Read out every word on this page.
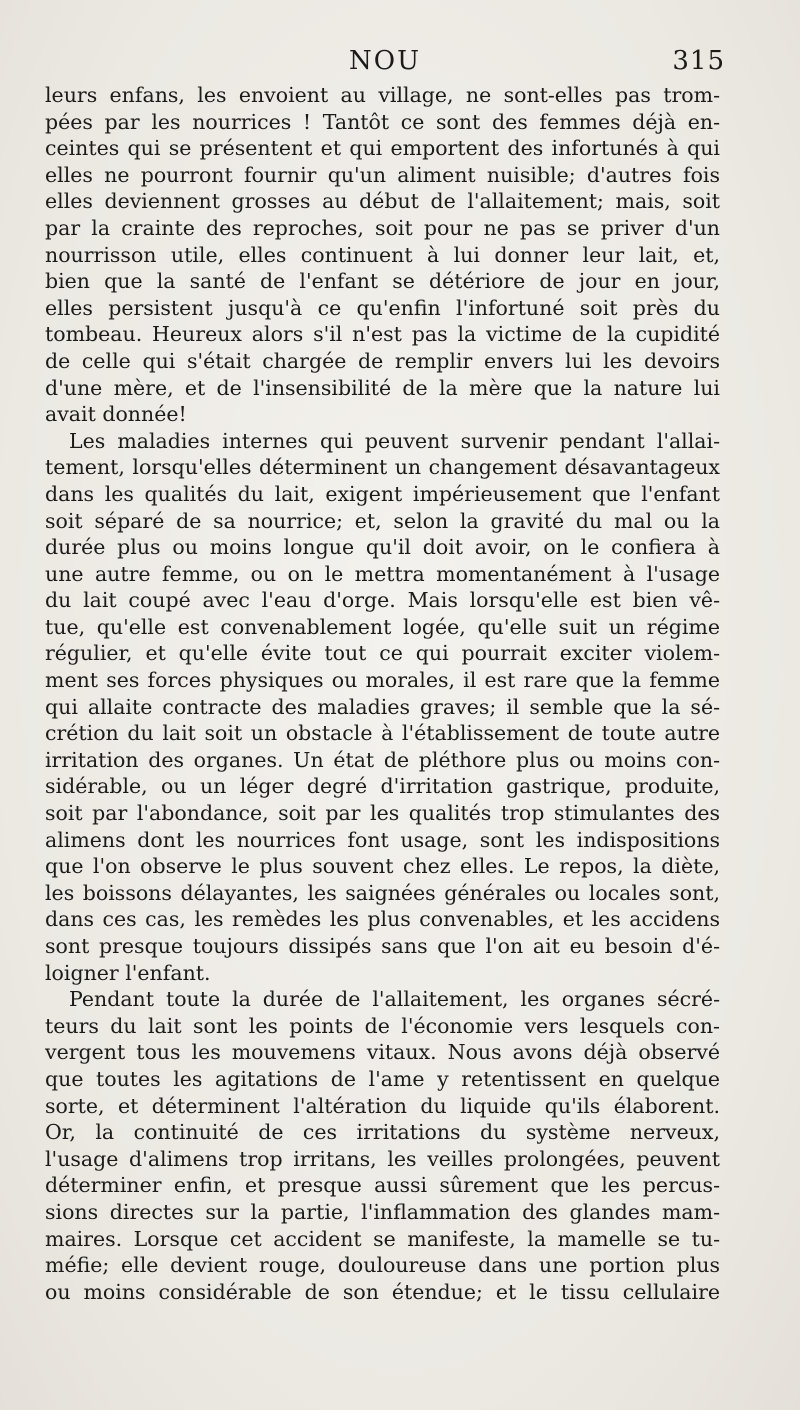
NOU	315
leurs enfans, les envoient au village, ne sont-elles pas trom-
pées par les nourrices ! Tantôt ce sont des femmes déjà en-
ceintes qui se présentent et qui emportent des infortunés à qui
elles ne pourront fournir qu'un aliment nuisible; d'autres fois
elles deviennent grosses au début de l'allaitement; mais, soit
par la crainte des reproches, soit pour ne pas se priver d'un
nourrisson utile, elles continuent à lui donner leur lait, et,
bien que la santé de l'enfant se détériore de jour en jour,
elles persistent jusqu'à ce qu'enfin l'infortuné soit près du
tombeau. Heureux alors s'il n'est pas la victime de la cupidité
de celle qui s'était chargée de remplir envers lui les devoirs
d'une mère, et de l'insensibilité de la mère que la nature lui
avait donnée!
Les maladies internes qui peuvent survenir pendant l'allai-
tement, lorsqu'elles déterminent un changement désavantageux
dans les qualités du lait, exigent impérieusement que l'enfant
soit séparé de sa nourrice; et, selon la gravité du mal ou la
durée plus ou moins longue qu'il doit avoir, on le confiera à
une autre femme, ou on le mettra momentanément à l'usage
du lait coupé avec l'eau d'orge. Mais lorsqu'elle est bien vê-
tue, qu'elle est convenablement logée, qu'elle suit un régime
régulier, et qu'elle évite tout ce qui pourrait exciter violem-
ment ses forces physiques ou morales, il est rare que la femme
qui allaite contracte des maladies graves; il semble que la sé-
crétion du lait soit un obstacle à l'établissement de toute autre
irritation des organes. Un état de pléthore plus ou moins con-
sidérable, ou un léger degré d'irritation gastrique, produite,
soit par l'abondance, soit par les qualités trop stimulantes des
alimens dont les nourrices font usage, sont les indispositions
que l'on observe le plus souvent chez elles. Le repos, la diète,
les boissons délayantes, les saignées générales ou locales sont,
dans ces cas, les remèdes les plus convenables, et les accidens
sont presque toujours dissipés sans que l'on ait eu besoin d'é-
loigner l'enfant.
Pendant toute la durée de l'allaitement, les organes sécré-
teurs du lait sont les points de l'économie vers lesquels con-
vergent tous les mouvemens vitaux. Nous avons déjà observé
que toutes les agitations de l'ame y retentissent en quelque
sorte, et déterminent l'altération du liquide qu'ils élaborent.
Or, la continuité de ces irritations du système nerveux,
l'usage d'alimens trop irritans, les veilles prolongées, peuvent
déterminer enfin, et presque aussi sûrement que les percus-
sions directes sur la partie, l'inflammation des glandes mam-
maires. Lorsque cet accident se manifeste, la mamelle se tu-
méfie; elle devient rouge, douloureuse dans une portion plus
ou moins considérable de son étendue; et le tissu cellulaire
